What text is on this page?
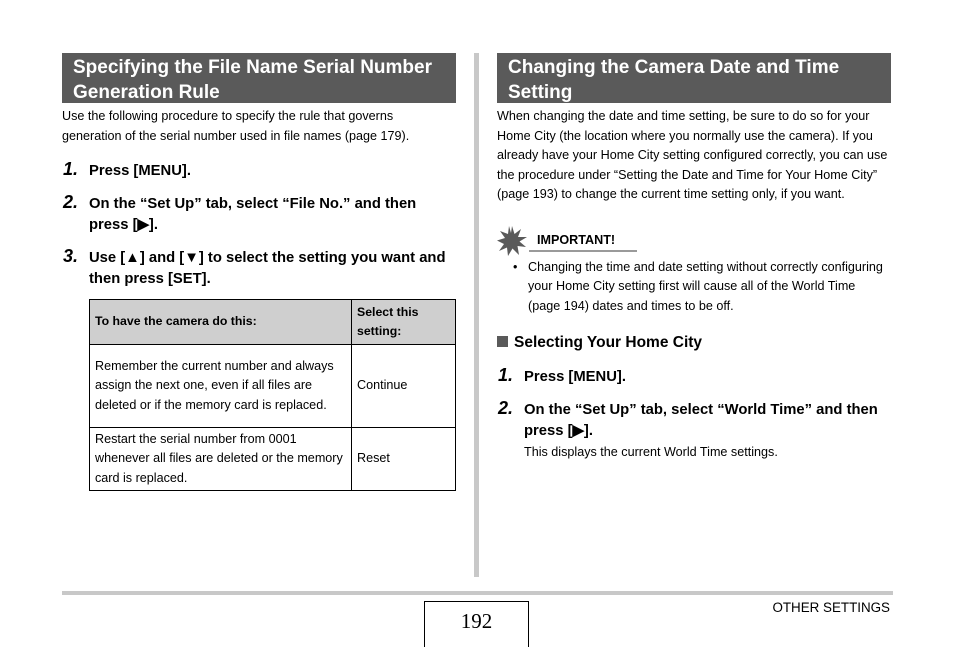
Specifying the File Name Serial Number Generation Rule

Use the following procedure to specify the rule that governs generation of the serial number used in file names (page 179).

1. Press [MENU].
2. On the “Set Up” tab, select “File No.” and then press [▶].
3. Use [▲] and [▼] to select the setting you want and then press [SET].
To have the camera do this:	Select this setting:
Remember the current number and always assign the next one, even if all files are deleted or if the memory card is replaced.	Continue
Restart the serial number from 0001 whenever all files are deleted or the memory card is replaced.	Reset
Changing the Camera Date and Time Setting

When changing the date and time setting, be sure to do so for your Home City (the location where you normally use the camera). If you already have your Home City setting configured correctly, you can use the procedure under “Setting the Date and Time for Your Home City” (page 193) to change the current time setting only, if you want.

IMPORTANT!
• Changing the time and date setting without correctly configuring your Home City setting first will cause all of the World Time (page 194) dates and times to be off.
Selecting Your Home City
1. Press [MENU].
2. On the “Set Up” tab, select “World Time” and then press [▶].
This displays the current World Time settings.
192
OTHER SETTINGS
